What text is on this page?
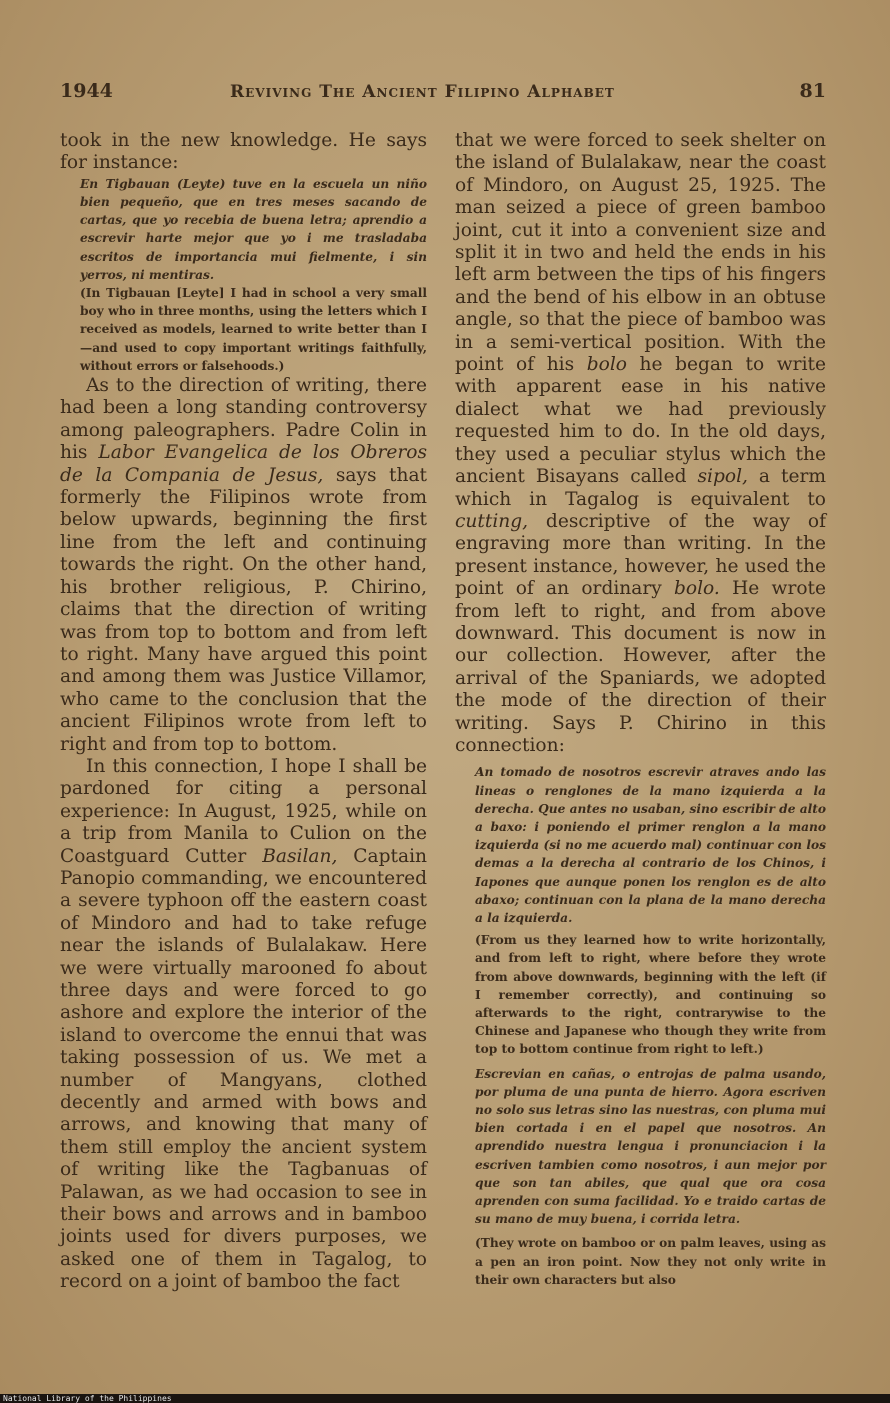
1944	Reviving The Ancient Filipino Alphabet	81

took in the new knowledge. He says for instance:

En Tigbauan (Leyte) tuve en la escuela un niño bien pequeño, que en tres meses sacando de cartas, que yo recebia de buena letra; aprendio a escrevir harte mejor que yo i me trasladaba escritos de importancia mui fielmente, i sin yerros, ni mentiras.

(In Tigbauan [Leyte] I had in school a very small boy who in three months, using the letters which I received as models, learned to write better than I—and used to copy important writings faithfully, without errors or falsehoods.)

As to the direction of writing, there had been a long standing controversy among paleographers. Padre Colin in his Labor Evangelica de los Obreros de la Compania de Jesus, says that formerly the Filipinos wrote from below upwards, beginning the first line from the left and continuing towards the right. On the other hand, his brother religious, P. Chirino, claims that the direction of writing was from top to bottom and from left to right. Many have argued this point and among them was Justice Villamor, who came to the conclusion that the ancient Filipinos wrote from left to right and from top to bottom.

In this connection, I hope I shall be pardoned for citing a personal experience: In August, 1925, while on a trip from Manila to Culion on the Coastguard Cutter Basilan, Captain Panopio commanding, we encountered a severe typhoon off the eastern coast of Mindoro and had to take refuge near the islands of Bulalakaw. Here we were virtually marooned fo about three days and were forced to go ashore and explore the interior of the island to overcome the ennui that was taking possession of us. We met a number of Mangyans, clothed decently and armed with bows and arrows, and knowing that many of them still employ the ancient system of writing like the Tagbanuas of Palawan, as we had occasion to see in their bows and arrows and in bamboo joints used for divers purposes, we asked one of them in Tagalog, to record on a joint of bamboo the fact

that we were forced to seek shelter on the island of Bulalakaw, near the coast of Mindoro, on August 25, 1925. The man seized a piece of green bamboo joint, cut it into a convenient size and split it in two and held the ends in his left arm between the tips of his fingers and the bend of his elbow in an obtuse angle, so that the piece of bamboo was in a semi-vertical position. With the point of his bolo he began to write with apparent ease in his native dialect what we had previously requested him to do. In the old days, they used a peculiar stylus which the ancient Bisayans called sipol, a term which in Tagalog is equivalent to cutting, descriptive of the way of engraving more than writing. In the present instance, however, he used the point of an ordinary bolo. He wrote from left to right, and from above downward. This document is now in our collection. However, after the arrival of the Spaniards, we adopted the mode of the direction of their writing. Says P. Chirino in this connection:

An tomado de nosotros escrevir atraves ando las lineas o renglones de la mano izquierda a la derecha. Que antes no usaban, sino escribir de alto a baxo: i poniendo el primer renglon a la mano izquierda (si no me acuerdo mal) continuar con los demas a la derecha al contrario de los Chinos, i Iapones que aunque ponen los renglon es de alto abaxo; continuan con la plana de la mano derecha a la izquierda.

(From us they learned how to write horizontally, and from left to right, where before they wrote from above downwards, beginning with the left (if I remember correctly), and continuing so afterwards to the right, contrarywise to the Chinese and Japanese who though they write from top to bottom continue from right to left.)

Escrevian en cañas, o entrojas de palma usando, por pluma de una punta de hierro. Agora escriven no solo sus letras sino las nuestras, con pluma mui bien cortada i en el papel que nosotros. An aprendido nuestra lengua i pronunciacion i la escriven tambien como nosotros, i aun mejor por que son tan abiles, que qual que ora cosa aprenden con suma facilidad. Yo e traido cartas de su mano de muy buena, i corrida letra.

(They wrote on bamboo or on palm leaves, using as a pen an iron point. Now they not only write in their own characters but also

National Library of the Philippines
